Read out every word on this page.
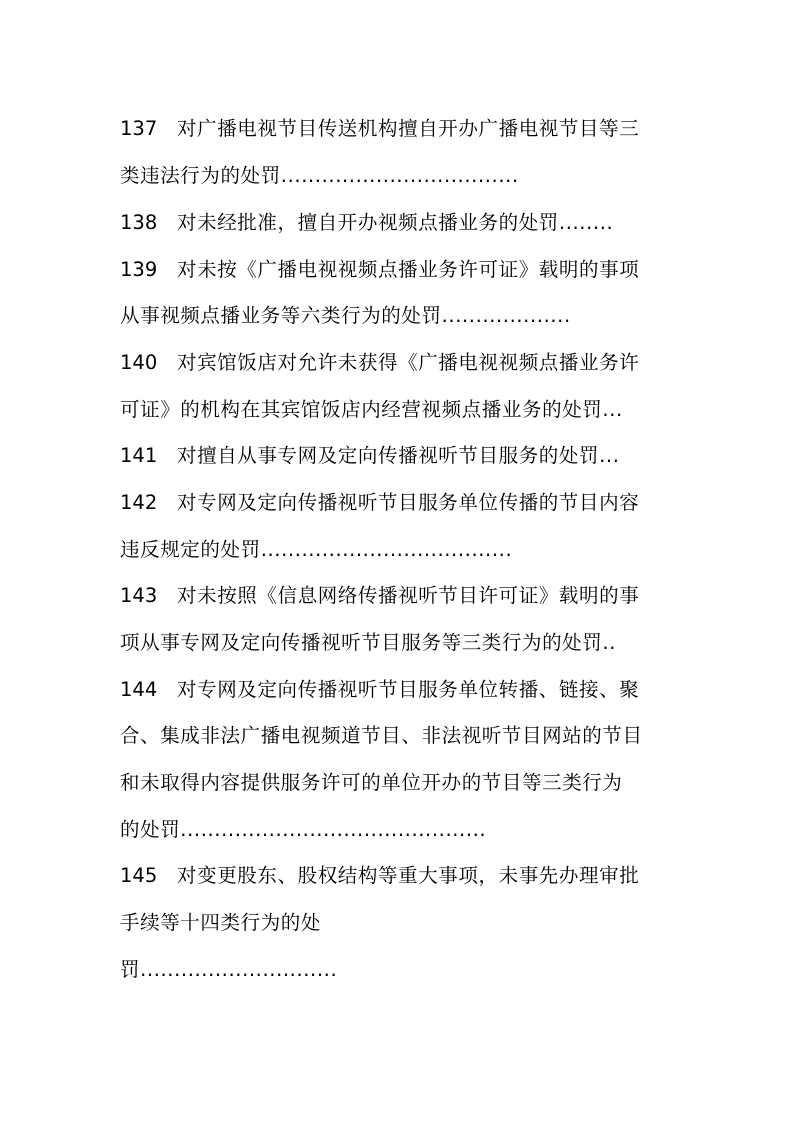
137 对广播电视节目传送机构擅自开办广播电视节目等三
类违法行为的处罚...................................
138 对未经批准，擅自开办视频点播业务的处罚........
139 对未按《广播电视视频点播业务许可证》载明的事项
从事视频点播业务等六类行为的处罚...................
140 对宾馆饭店对允许未获得《广播电视视频点播业务许
可证》的机构在其宾馆饭店内经营视频点播业务的处罚...
141 对擅自从事专网及定向传播视听节目服务的处罚...
142 对专网及定向传播视听节目服务单位传播的节目内容
违反规定的处罚.....................................
143 对未按照《信息网络传播视听节目许可证》载明的事
项从事专网及定向传播视听节目服务等三类行为的处罚..
144 对专网及定向传播视听节目服务单位转播、链接、聚
合、集成非法广播电视频道节目、非法视听节目网站的节目
和未取得内容提供服务许可的单位开办的节目等三类行为
的处罚.............................................
145 对变更股东、股权结构等重大事项，未事先办理审批
手续等十四类行为的处
罚.............................
